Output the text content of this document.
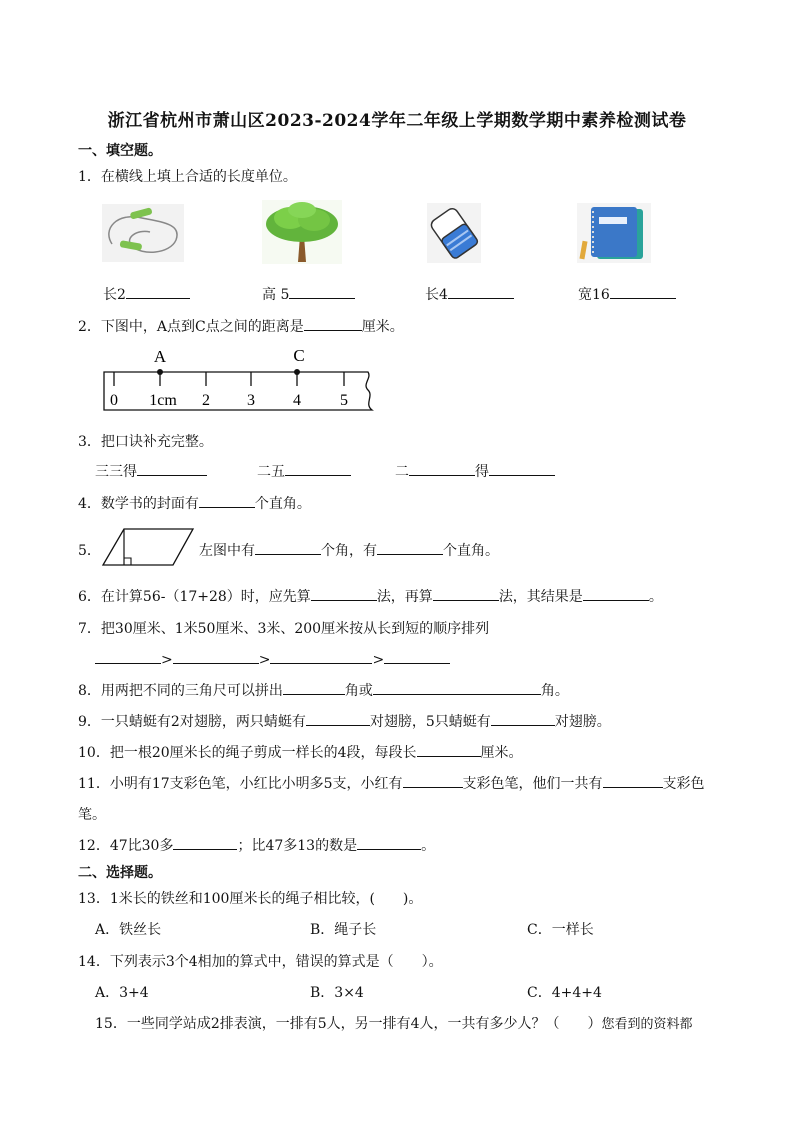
浙江省杭州市萧山区2023-2024学年二年级上学期数学期中素养检测试卷
一、填空题。
1．在横线上填上合适的长度单位。
长2	高 5	长4	宽16
2．下图中，A点到C点之间的距离是	厘米。
A	C
0 1cm 2 3 4 5
3．把口诀补充完整。
三三得	二五	二	得
4．数学书的封面有	个直角。
5．	左图中有	个角，有	个直角。
6．在计算56-（17+28）时，应先算	法，再算	法，其结果是	。
7．把30厘米、1米50厘米、3米、200厘米按从长到短的顺序排列
>	>	>
8．用两把不同的三角尺可以拼出	角或	角。
9．一只蜻蜓有2对翅膀，两只蜻蜓有	对翅膀，5只蜻蜓有	对翅膀。
10．把一根20厘米长的绳子剪成一样长的4段，每段长	厘米。
11．小明有17支彩色笔，小红比小明多5支，小红有	支彩色笔，他们一共有	支彩色
笔。
12．47比30多	；比47多13的数是	。
二、选择题。
13．1米长的铁丝和100厘米长的绳子相比较，(　　)。
A．铁丝长	B．绳子长	C．一样长
14．下列表示3个4相加的算式中，错误的算式是（　　）。
A．3+4	B．3×4	C．4+4+4
15．一些同学站成2排表演，一排有5人，另一排有4人，一共有多少人？（　　）您看到的资料都
